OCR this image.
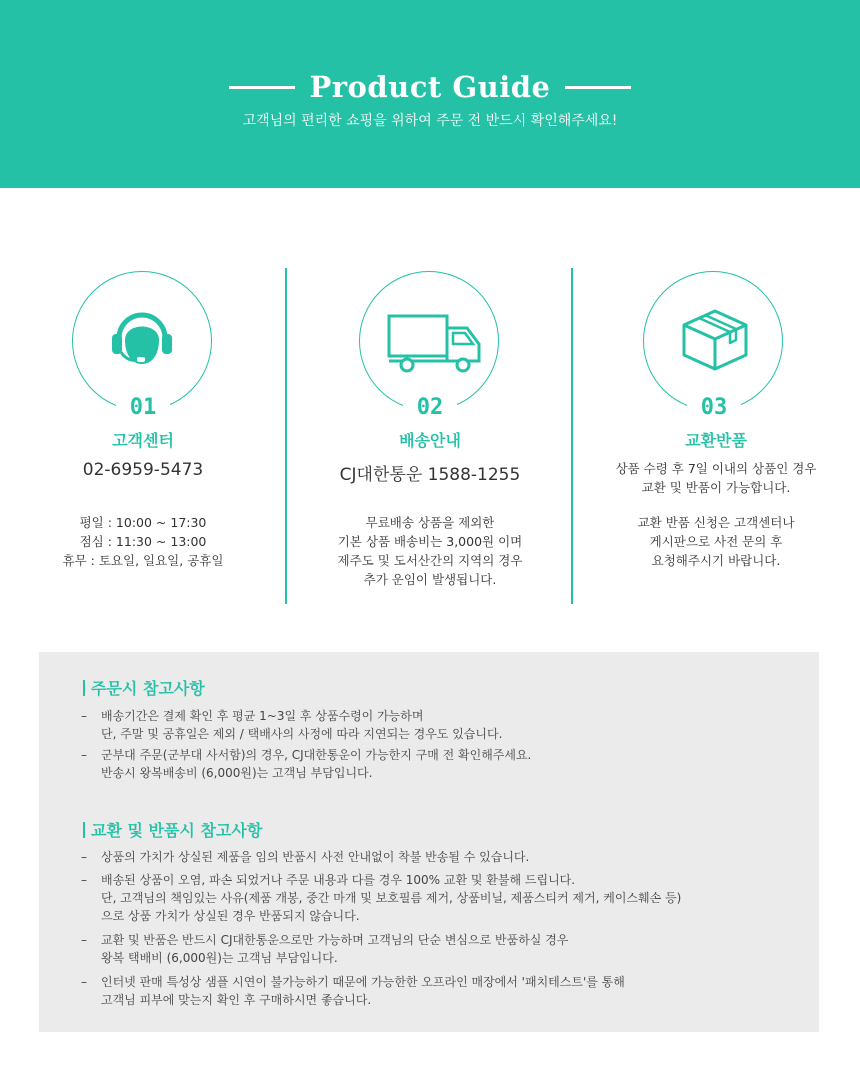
Product Guide
고객님의 편리한 쇼핑을 위하여 주문 전 반드시 확인해주세요!
01
고객센터
02-6959-5473
평일 : 10:00 ~ 17:30
점심 : 11:30 ~ 13:00
휴무 : 토요일, 일요일, 공휴일
02
배송안내
CJ대한통운 1588-1255
무료배송 상품을 제외한
기본 상품 배송비는 3,000원 이며
제주도 및 도서산간의 지역의 경우
추가 운임이 발생됩니다.
03
교환반품
상품 수령 후 7일 이내의 상품인 경우
교환 및 반품이 가능합니다.
교환 반품 신청은 고객센터나
게시판으로 사전 문의 후
요청해주시기 바랍니다.
주문시 참고사항
– 배송기간은 결제 확인 후 평균 1~3일 후 상품수령이 가능하며
단, 주말 및 공휴일은 제외 / 택배사의 사정에 따라 지연되는 경우도 있습니다.
– 군부대 주문(군부대 사서함)의 경우, CJ대한통운이 가능한지 구매 전 확인해주세요.
반송시 왕복배송비 (6,000원)는 고객님 부담입니다.
교환 및 반품시 참고사항
– 상품의 가치가 상실된 제품을 임의 반품시 사전 안내없이 착불 반송될 수 있습니다.
– 배송된 상품이 오염, 파손 되었거나 주문 내용과 다를 경우 100% 교환 및 환불해 드립니다.
단, 고객님의 책임있는 사유(제품 개봉, 중간 마개 및 보호필름 제거, 상품비닐, 제품스티커 제거, 케이스훼손 등)
으로 상품 가치가 상실된 경우 반품되지 않습니다.
– 교환 및 반품은 반드시 CJ대한통운으로만 가능하며 고객님의 단순 변심으로 반품하실 경우
왕복 택배비 (6,000원)는 고객님 부담입니다.
– 인터넷 판매 특성상 샘플 시연이 불가능하기 때문에 가능한한 오프라인 매장에서 '패치테스트'를 통해
고객님 피부에 맞는지 확인 후 구매하시면 좋습니다.
